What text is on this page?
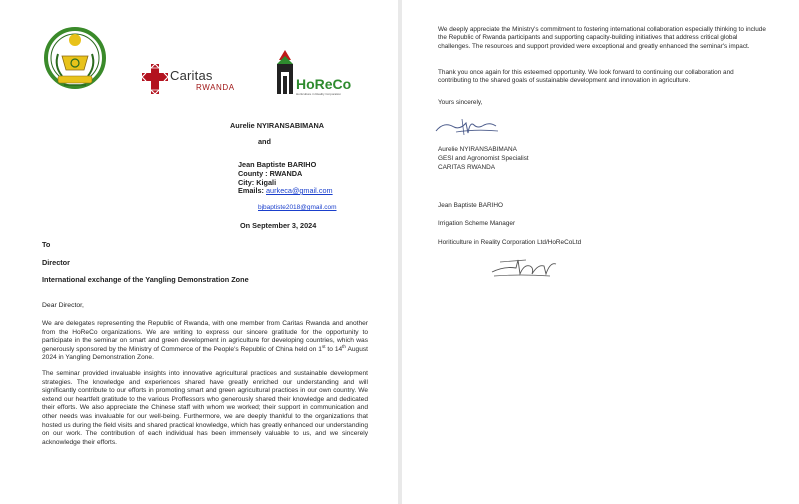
Caritas
RWANDA	HoReCo
Horticulture in Reality Corporation
Aurelie NYIRANSABIMANA
and
Jean Baptiste BARIHO
County : RWANDA
City: Kigali
Emails: aurkeca@gmail.com
bjbaptiste2018@gmail.com
On September 3, 2024
To
Director
International exchange of the Yangling Demonstration Zone
Dear Director,
We are delegates representing the Republic of Rwanda, with one member from Caritas Rwanda and another from the HoReCo organizations. We are writing to express our sincere gratitude for the opportunity to participate in the seminar on smart and green development in agriculture for developing countries, which was generously sponsored by the Ministry of Commerce of the People's Republic of China held on 1st to 14th August 2024 in Yangling Demonstration Zone.
The seminar provided invaluable insights into innovative agricultural practices and sustainable development strategies. The knowledge and experiences shared have greatly enriched our understanding and will significantly contribute to our efforts in promoting smart and green agricultural practices in our own country. We extend our heartfelt gratitude to the various Proffessors who generously shared their knowledge and dedicated their efforts. We also appreciate the Chinese staff with whom we worked; their support in communication and other needs was invaluable for our well-being. Furthermore, we are deeply thankful to the organizations that hosted us during the field visits and shared practical knowledge, which has greatly enhanced our understanding on our work. The contribution of each individual has been immensely valuable to us, and we sincerely acknowledge their efforts.
We deeply appreciate the Ministry's commitment to fostering international collaboration especially thinking to include the Republic of Rwanda participants and supporting capacity-building initiatives that address critical global challenges. The resources and support provided were exceptional and greatly enhanced the seminar's impact.
Thank you once again for this esteemed opportunity. We look forward to continuing our collaboration and contributing to the shared goals of sustainable development and innovation in agriculture.
Yours sincerely,
Aurelie NYIRANSABIMANA
GESI and Agronomist Specialist
CARITAS RWANDA
Jean Baptiste BARIHO
Irrigation Scheme Manager
Horiticulture in Reality Corporation Ltd/HoReCoLtd
